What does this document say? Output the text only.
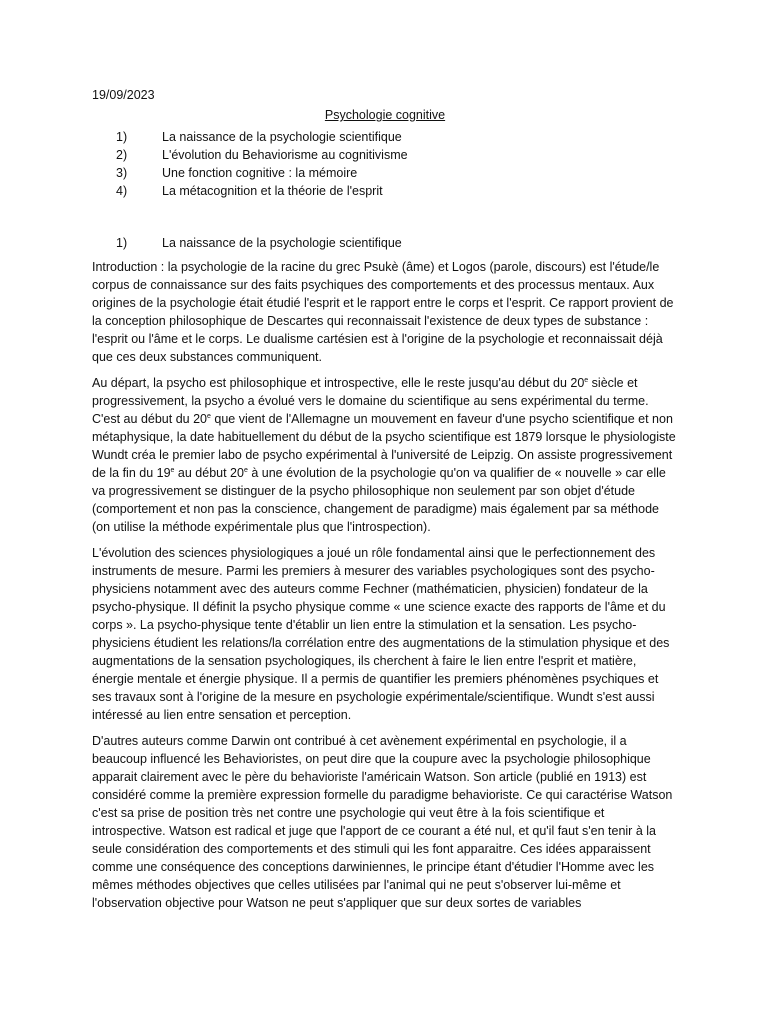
19/09/2023

Psychologie cognitive

1)	La naissance de la psychologie scientifique
2)	L'évolution du Behaviorisme au cognitivisme
3)	Une fonction cognitive : la mémoire
4)	La métacognition et la théorie de l'esprit
1)	La naissance de la psychologie scientifique

Introduction : la psychologie de la racine du grec Psukè (âme) et Logos (parole, discours) est l'étude/le corpus de connaissance sur des faits psychiques des comportements et des processus mentaux. Aux origines de la psychologie était étudié l'esprit et le rapport entre le corps et l'esprit. Ce rapport provient de la conception philosophique de Descartes qui reconnaissait l'existence de deux types de substance : l'esprit ou l'âme et le corps. Le dualisme cartésien est à l'origine de la psychologie et reconnaissait déjà que ces deux substances communiquent.

Au départ, la psycho est philosophique et introspective, elle le reste jusqu'au début du 20e siècle et progressivement, la psycho a évolué vers le domaine du scientifique au sens expérimental du terme. C'est au début du 20e que vient de l'Allemagne un mouvement en faveur d'une psycho scientifique et non métaphysique, la date habituellement du début de la psycho scientifique est 1879 lorsque le physiologiste Wundt créa le premier labo de psycho expérimental à l'université de Leipzig. On assiste progressivement de la fin du 19e au début 20e à une évolution de la psychologie qu'on va qualifier de « nouvelle » car elle va progressivement se distinguer de la psycho philosophique non seulement par son objet d'étude (comportement et non pas la conscience, changement de paradigme) mais également par sa méthode (on utilise la méthode expérimentale plus que l'introspection).

L'évolution des sciences physiologiques a joué un rôle fondamental ainsi que le perfectionnement des instruments de mesure. Parmi les premiers à mesurer des variables psychologiques sont des psycho-physiciens notamment avec des auteurs comme Fechner (mathématicien, physicien) fondateur de la psycho-physique. Il définit la psycho physique comme « une science exacte des rapports de l'âme et du corps ». La psycho-physique tente d'établir un lien entre la stimulation et la sensation. Les psycho-physiciens étudient les relations/la corrélation entre des augmentations de la stimulation physique et des augmentations de la sensation psychologiques, ils cherchent à faire le lien entre l'esprit et matière, énergie mentale et énergie physique. Il a permis de quantifier les premiers phénomènes psychiques et ses travaux sont à l'origine de la mesure en psychologie expérimentale/scientifique. Wundt s'est aussi intéressé au lien entre sensation et perception.

D'autres auteurs comme Darwin ont contribué à cet avènement expérimental en psychologie, il a beaucoup influencé les Behavioristes, on peut dire que la coupure avec la psychologie philosophique apparait clairement avec le père du behavioriste l'américain Watson. Son article (publié en 1913) est considéré comme la première expression formelle du paradigme behavioriste. Ce qui caractérise Watson c'est sa prise de position très net contre une psychologie qui veut être à la fois scientifique et introspective. Watson est radical et juge que l'apport de ce courant a été nul, et qu'il faut s'en tenir à la seule considération des comportements et des stimuli qui les font apparaitre. Ces idées apparaissent comme une conséquence des conceptions darwiniennes, le principe étant d'étudier l'Homme avec les mêmes méthodes objectives que celles utilisées par l'animal qui ne peut s'observer lui-même et l'observation objective pour Watson ne peut s'appliquer que sur deux sortes de variables
